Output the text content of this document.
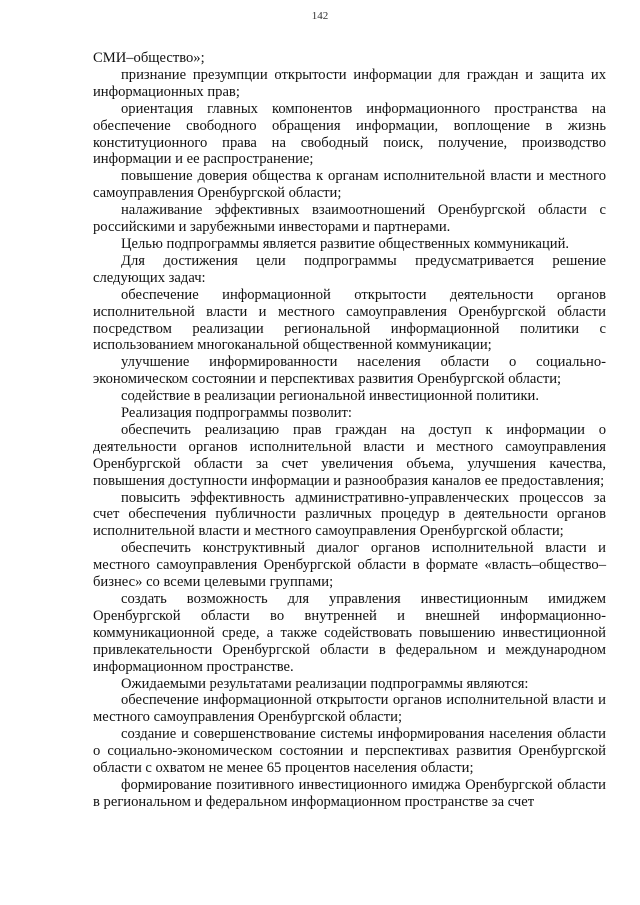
142

СМИ–общество»;

признание презумпции открытости информации для граждан и защита их информационных прав;

ориентация главных компонентов информационного пространства на обеспечение свободного обращения информации, воплощение в жизнь конституционного права на свободный поиск, получение, производство информации и ее распространение;

повышение доверия общества к органам исполнительной власти и местного самоуправления Оренбургской области;

налаживание эффективных взаимоотношений Оренбургской области с российскими и зарубежными инвесторами и партнерами.

Целью подпрограммы является развитие общественных коммуникаций.

Для достижения цели подпрограммы предусматривается решение следующих задач:

обеспечение информационной открытости деятельности органов исполнительной власти и местного самоуправления Оренбургской области посредством реализации региональной информационной политики с использованием многоканальной общественной коммуникации;

улучшение информированности населения области о социально-экономическом состоянии и перспективах развития Оренбургской области;

содействие в реализации региональной инвестиционной политики.

Реализация подпрограммы позволит:

обеспечить реализацию прав граждан на доступ к информации о деятельности органов исполнительной власти и местного самоуправления Оренбургской области за счет увеличения объема, улучшения качества, повышения доступности информации и разнообразия каналов ее предоставления;

повысить эффективность административно-управленческих процессов за счет обеспечения публичности различных процедур в деятельности органов исполнительной власти и местного самоуправления Оренбургской области;

обеспечить конструктивный диалог органов исполнительной власти и местного самоуправления Оренбургской области в формате «власть–общество–бизнес» со всеми целевыми группами;

создать возможность для управления инвестиционным имиджем Оренбургской области во внутренней и внешней информационно-коммуникационной среде, а также содействовать повышению инвестиционной привлекательности Оренбургской области в федеральном и международном информационном пространстве.

Ожидаемыми результатами реализации подпрограммы являются:

обеспечение информационной открытости органов исполнительной власти и местного самоуправления Оренбургской области;

создание и совершенствование системы информирования населения области о социально-экономическом состоянии и перспективах развития Оренбургской области с охватом не менее 65 процентов населения области;

формирование позитивного инвестиционного имиджа Оренбургской области в региональном и федеральном информационном пространстве за счет
